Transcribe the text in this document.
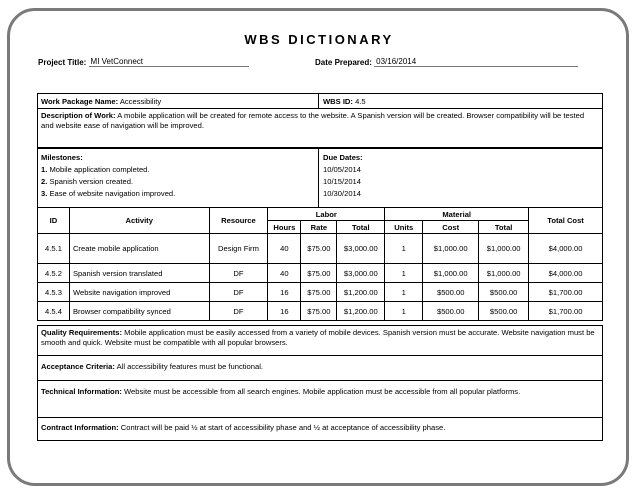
WBS DICTIONARY
Project Title: MI VetConnect	Date Prepared: 03/16/2014
Work Package Name: Accessibility	WBS ID: 4.5
Description of Work: A mobile application will be created for remote access to the website. A Spanish version will be created. Browser compatibility will be tested and website ease of navigation will be improved.
Milestones:
1. Mobile application completed.
2. Spanish version created.
3. Ease of website navigation improved.
Due Dates:
10/05/2014
10/15/2014
10/30/2014
ID	Activity	Resource	Labor			Material			Total Cost
			Hours	Rate	Total	Units	Cost	Total	
4.5.1	Create mobile application	Design Firm	40	$75.00	$3,000.00	1	$1,000.00	$1,000.00	$4,000.00
4.5.2	Spanish version translated	DF	40	$75.00	$3,000.00	1	$1,000.00	$1,000.00	$4,000.00
4.5.3	Website navigation improved	DF	16	$75.00	$1,200.00	1	$500.00	$500.00	$1,700.00
4.5.4	Browser compatibility synced	DF	16	$75.00	$1,200.00	1	$500.00	$500.00	$1,700.00
Quality Requirements: Mobile application must be easily accessed from a variety of mobile devices. Spanish version must be accurate. Website navigation must be smooth and quick. Website must be compatible with all popular browsers.
Acceptance Criteria: All accessibility features must be functional.
Technical Information: Website must be accessible from all search engines. Mobile application must be accessible from all popular platforms.
Contract Information: Contract will be paid ½ at start of accessibility phase and ½ at acceptance of accessibility phase.
